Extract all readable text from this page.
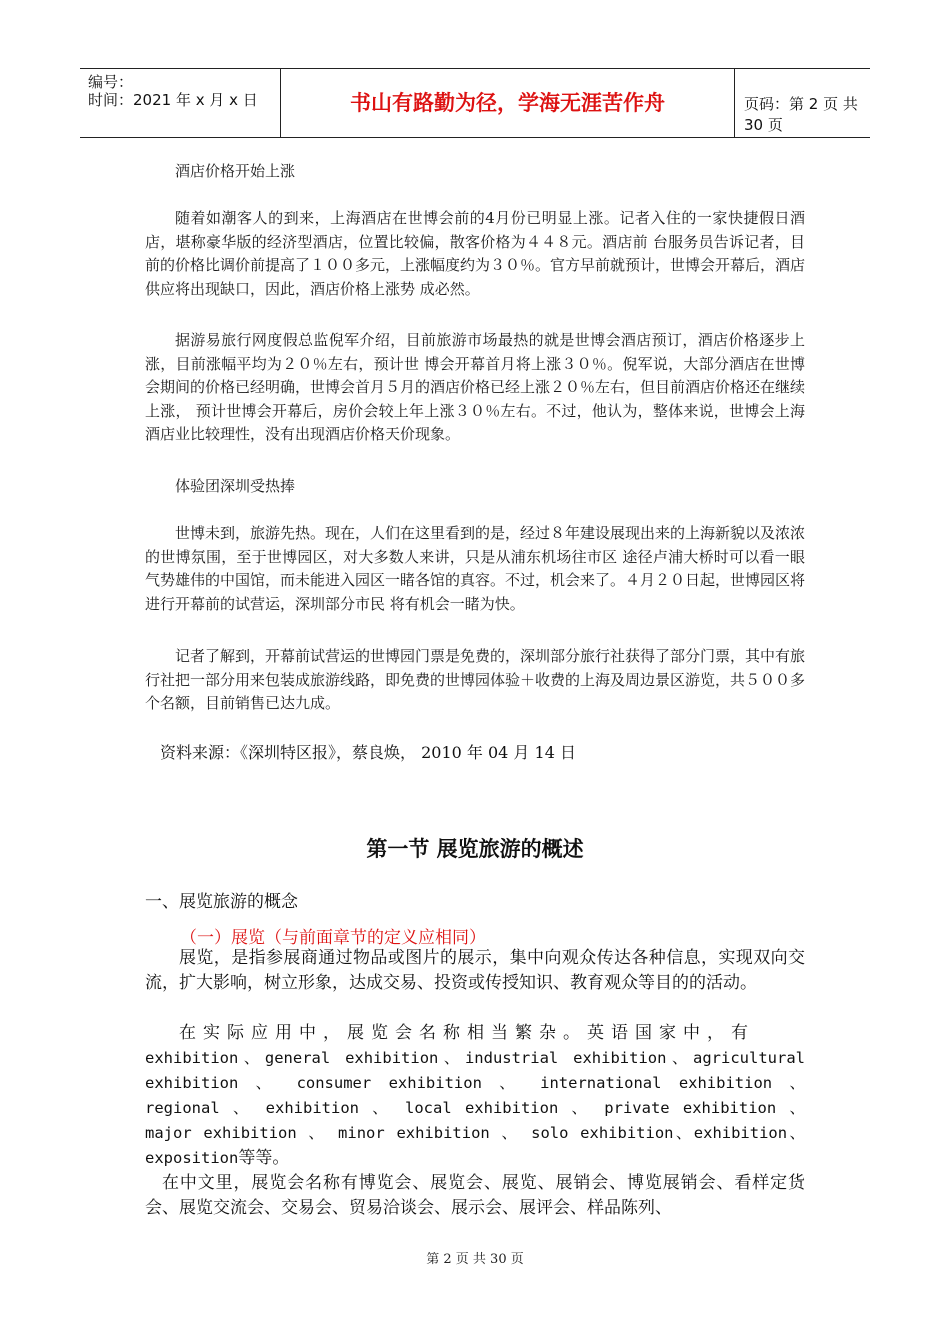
编号：
时间：2021 年 x 月 x 日	书山有路勤为径，学海无涯苦作舟	页码：第 2 页 共 30 页

酒店价格开始上涨

随着如潮客人的到来，上海酒店在世博会前的4月份已明显上涨。记者入住的一家快捷假日酒店，堪称豪华版的经济型酒店，位置比较偏，散客价格为４４８元。酒店前 台服务员告诉记者，目前的价格比调价前提高了１００多元，上涨幅度约为３０％。官方早前就预计，世博会开幕后，酒店供应将出现缺口，因此，酒店价格上涨势 成必然。

据游易旅行网度假总监倪军介绍，目前旅游市场最热的就是世博会酒店预订，酒店价格逐步上涨，目前涨幅平均为２０％左右，预计世 博会开幕首月将上涨３０％。倪军说，大部分酒店在世博会期间的价格已经明确，世博会首月５月的酒店价格已经上涨２０％左右，但目前酒店价格还在继续上涨， 预计世博会开幕后，房价会较上年上涨３０％左右。不过，他认为，整体来说，世博会上海酒店业比较理性，没有出现酒店价格天价现象。

体验团深圳受热捧

世博未到，旅游先热。现在，人们在这里看到的是，经过８年建设展现出来的上海新貌以及浓浓的世博氛围，至于世博园区，对大多数人来讲，只是从浦东机场往市区 途径卢浦大桥时可以看一眼气势雄伟的中国馆，而未能进入园区一睹各馆的真容。不过，机会来了。４月２０日起，世博园区将进行开幕前的试营运，深圳部分市民 将有机会一睹为快。

记者了解到，开幕前试营运的世博园门票是免费的，深圳部分旅行社获得了部分门票，其中有旅行社把一部分用来包装成旅游线路，即免费的世博园体验＋收费的上海及周边景区游览，共５００多个名额，目前销售已达九成。

资料来源：《深圳特区报》，蔡良焕， 2010 年 04 月 14 日
第一节 展览旅游的概述
一、展览旅游的概念
（一）展览（与前面章节的定义应相同）
展览，是指参展商通过物品或图片的展示，集中向观众传达各种信息，实现双向交流，扩大影响，树立形象，达成交易、投资或传授知识、教育观众等目的的活动。
在实际应用中，展览会名称相当繁杂。英语国家中，有
exhibition、general exhibition、industrial exhibition、agricultural exhibition 、 consumer exhibition 、 international exhibition 、 regional 、 exhibition 、 local exhibition 、 private exhibition 、 major exhibition 、 minor exhibition 、 solo exhibition、exhibition、exposition等等。
在中文里，展览会名称有博览会、展览会、展览、展销会、博览展销会、看样定货会、展览交流会、交易会、贸易洽谈会、展示会、展评会、样品陈列、
第 2 页 共 30 页
